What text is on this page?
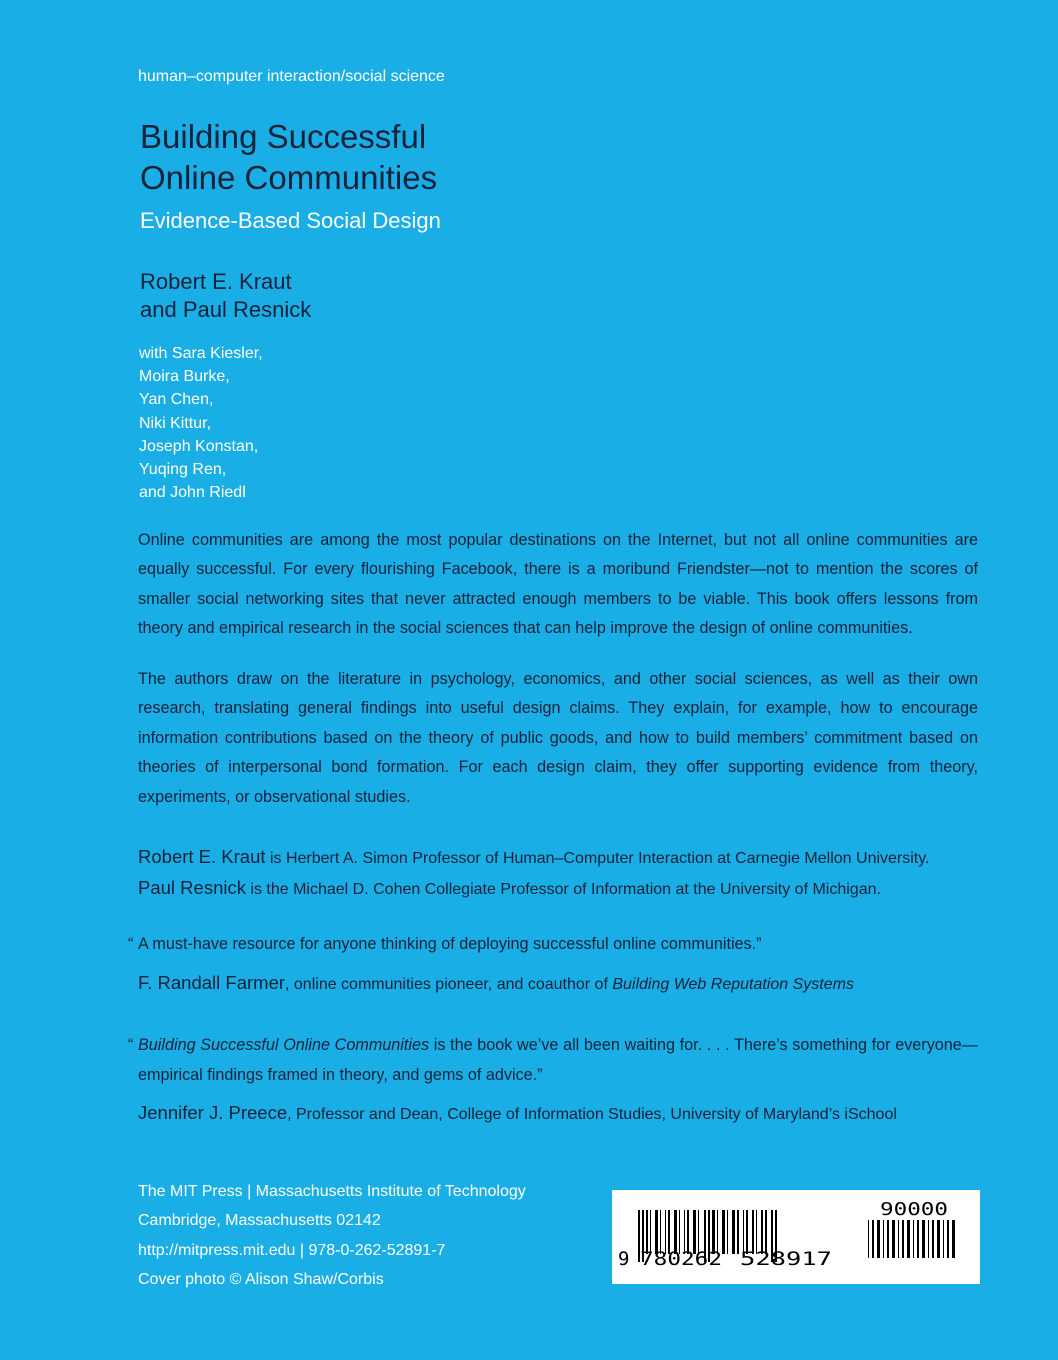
human–computer interaction/social science
Building Successful
Online Communities
Evidence-Based Social Design
Robert E. Kraut
and Paul Resnick
with Sara Kiesler,
Moira Burke,
Yan Chen,
Niki Kittur,
Joseph Konstan,
Yuqing Ren,
and John Riedl

Online communities are among the most popular destinations on the Internet, but not all online communities are equally successful. For every flourishing Facebook, there is a moribund Friendster—not to mention the scores of smaller social networking sites that never attracted enough members to be viable. This book offers lessons from theory and empirical research in the social sciences that can help improve the design of online communities.

The authors draw on the literature in psychology, economics, and other social sciences, as well as their own research, translating general findings into useful design claims. They explain, for example, how to encourage information contributions based on the theory of public goods, and how to build members’ commitment based on theories of interpersonal bond formation. For each design claim, they offer supporting evidence from theory, experiments, or observational studies.

Robert E. Kraut is Herbert A. Simon Professor of Human–Computer Interaction at Carnegie Mellon University.
Paul Resnick is the Michael D. Cohen Collegiate Professor of Information at the University of Michigan.
“ A must-have resource for anyone thinking of deploying successful online communities.”
F. Randall Farmer, online communities pioneer, and coauthor of Building Web Reputation Systems
“ Building Successful Online Communities is the book we’ve all been waiting for. . . . There’s something for everyone—empirical findings framed in theory, and gems of advice.”
Jennifer J. Preece, Professor and Dean, College of Information Studies, University of Maryland’s iSchool
The MIT Press | Massachusetts Institute of Technology
Cambridge, Massachusetts 02142
http://mitpress.mit.edu | 978-0-262-52891-7
Cover photo © Alison Shaw/Corbis
9 780262 528917
90000
